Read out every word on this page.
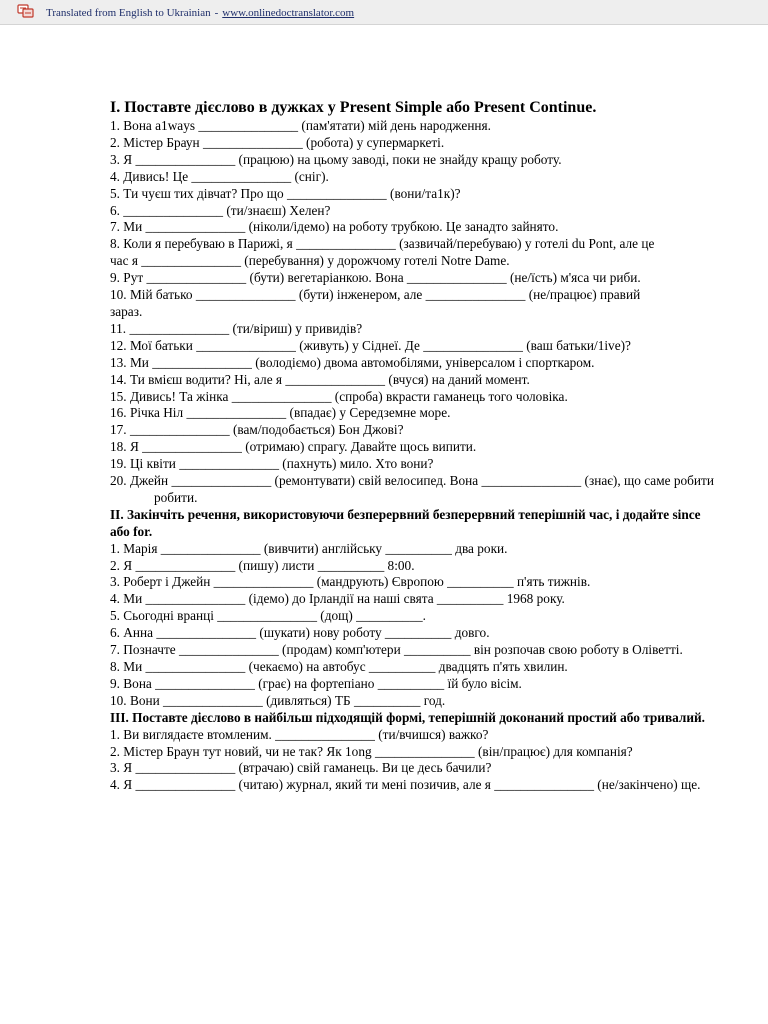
Translated from English to Ukrainian - www.onlinedoctranslator.com
I. Поставте дієслово в дужках у Present Simple або Present Continue.
1. Вона a1ways _______________ (пам'ятати) мій день народження.
2. Містер Браун _______________ (робота) у супермаркеті.
3. Я _______________ (працюю) на цьому заводі, поки не знайду кращу роботу.
4. Дивись! Це _______________ (сніг).
5. Ти чуєш тих дівчат? Про що _______________ (вони/та1к)?
6. _______________ (ти/знаєш) Хелен?
7. Ми _______________ (ніколи/ідемо) на роботу трубкою. Це занадто зайнято.
8. Коли я перебуваю в Парижі, я _______________ (зазвичай/перебуваю) у готелі du Pont, але це
час я _______________ (перебування) у дорожчому готелі Notre Dame.
9. Рут _______________ (бути) вегетаріанкою. Вона _______________ (не/їсть) м'яса чи риби.
10. Мій батько _______________ (бути) інженером, але _______________ (не/працює) правий
зараз.
11. _______________ (ти/віриш) у привидів?
12. Мої батьки _______________ (живуть) у Сіднеї. Де _______________ (ваш батьки/1ive)?
13. Ми _______________ (володіємо) двома автомобілями, універсалом і спорткаром.
14. Ти вмієш водити? Ні, але я _______________ (вчуся) на даний момент.
15. Дивись! Та жінка _______________ (спроба) вкрасти гаманець того чоловіка.
16. Річка Ніл _______________ (впадає) у Середземне море.
17. _______________ (вам/подобається) Бон Джові?
18. Я _______________ (отримаю) спрагу. Давайте щось випити.
19. Ці квіти _______________ (пахнуть) мило. Хто вони?
20. Джейн _______________ (ремонтувати) свій велосипед. Вона _______________ (знає), що саме робити
робити.
II. Закінчіть речення, використовуючи безперервний безперервний теперішній час, і додайте since або for.
1. Марія _______________ (вивчити) англійську __________ два роки.
2. Я _______________ (пишу) листи __________ 8:00.
3. Роберт і Джейн _______________ (мандрують) Європою __________ п'ять тижнів.
4. Ми _______________ (ідемо) до Ірландії на наші свята __________ 1968 року.
5. Сьогодні вранці _______________ (дощ) __________.
6. Анна _______________ (шукати) нову роботу __________ довго.
7. Позначте _______________ (продам) комп'ютери __________ він розпочав свою роботу в Оліветті.
8. Ми _______________ (чекаємо) на автобус __________ двадцять п'ять хвилин.
9. Вона _______________ (грає) на фортепіано __________ їй було вісім.
10. Вони _______________ (дивляться) ТБ __________ год.
III. Поставте дієслово в найбільш підходящій формі, теперішній доконаний простий або тривалий.
1. Ви виглядаєте втомленим. _______________ (ти/вчишся) важко?
2. Містер Браун тут новий, чи не так? Як 1ong _______________ (він/працює) для компанія?
3. Я _______________ (втрачаю) свій гаманець. Ви це десь бачили?
4. Я _______________ (читаю) журнал, який ти мені позичив, але я _______________ (не/закінчено) ще.
